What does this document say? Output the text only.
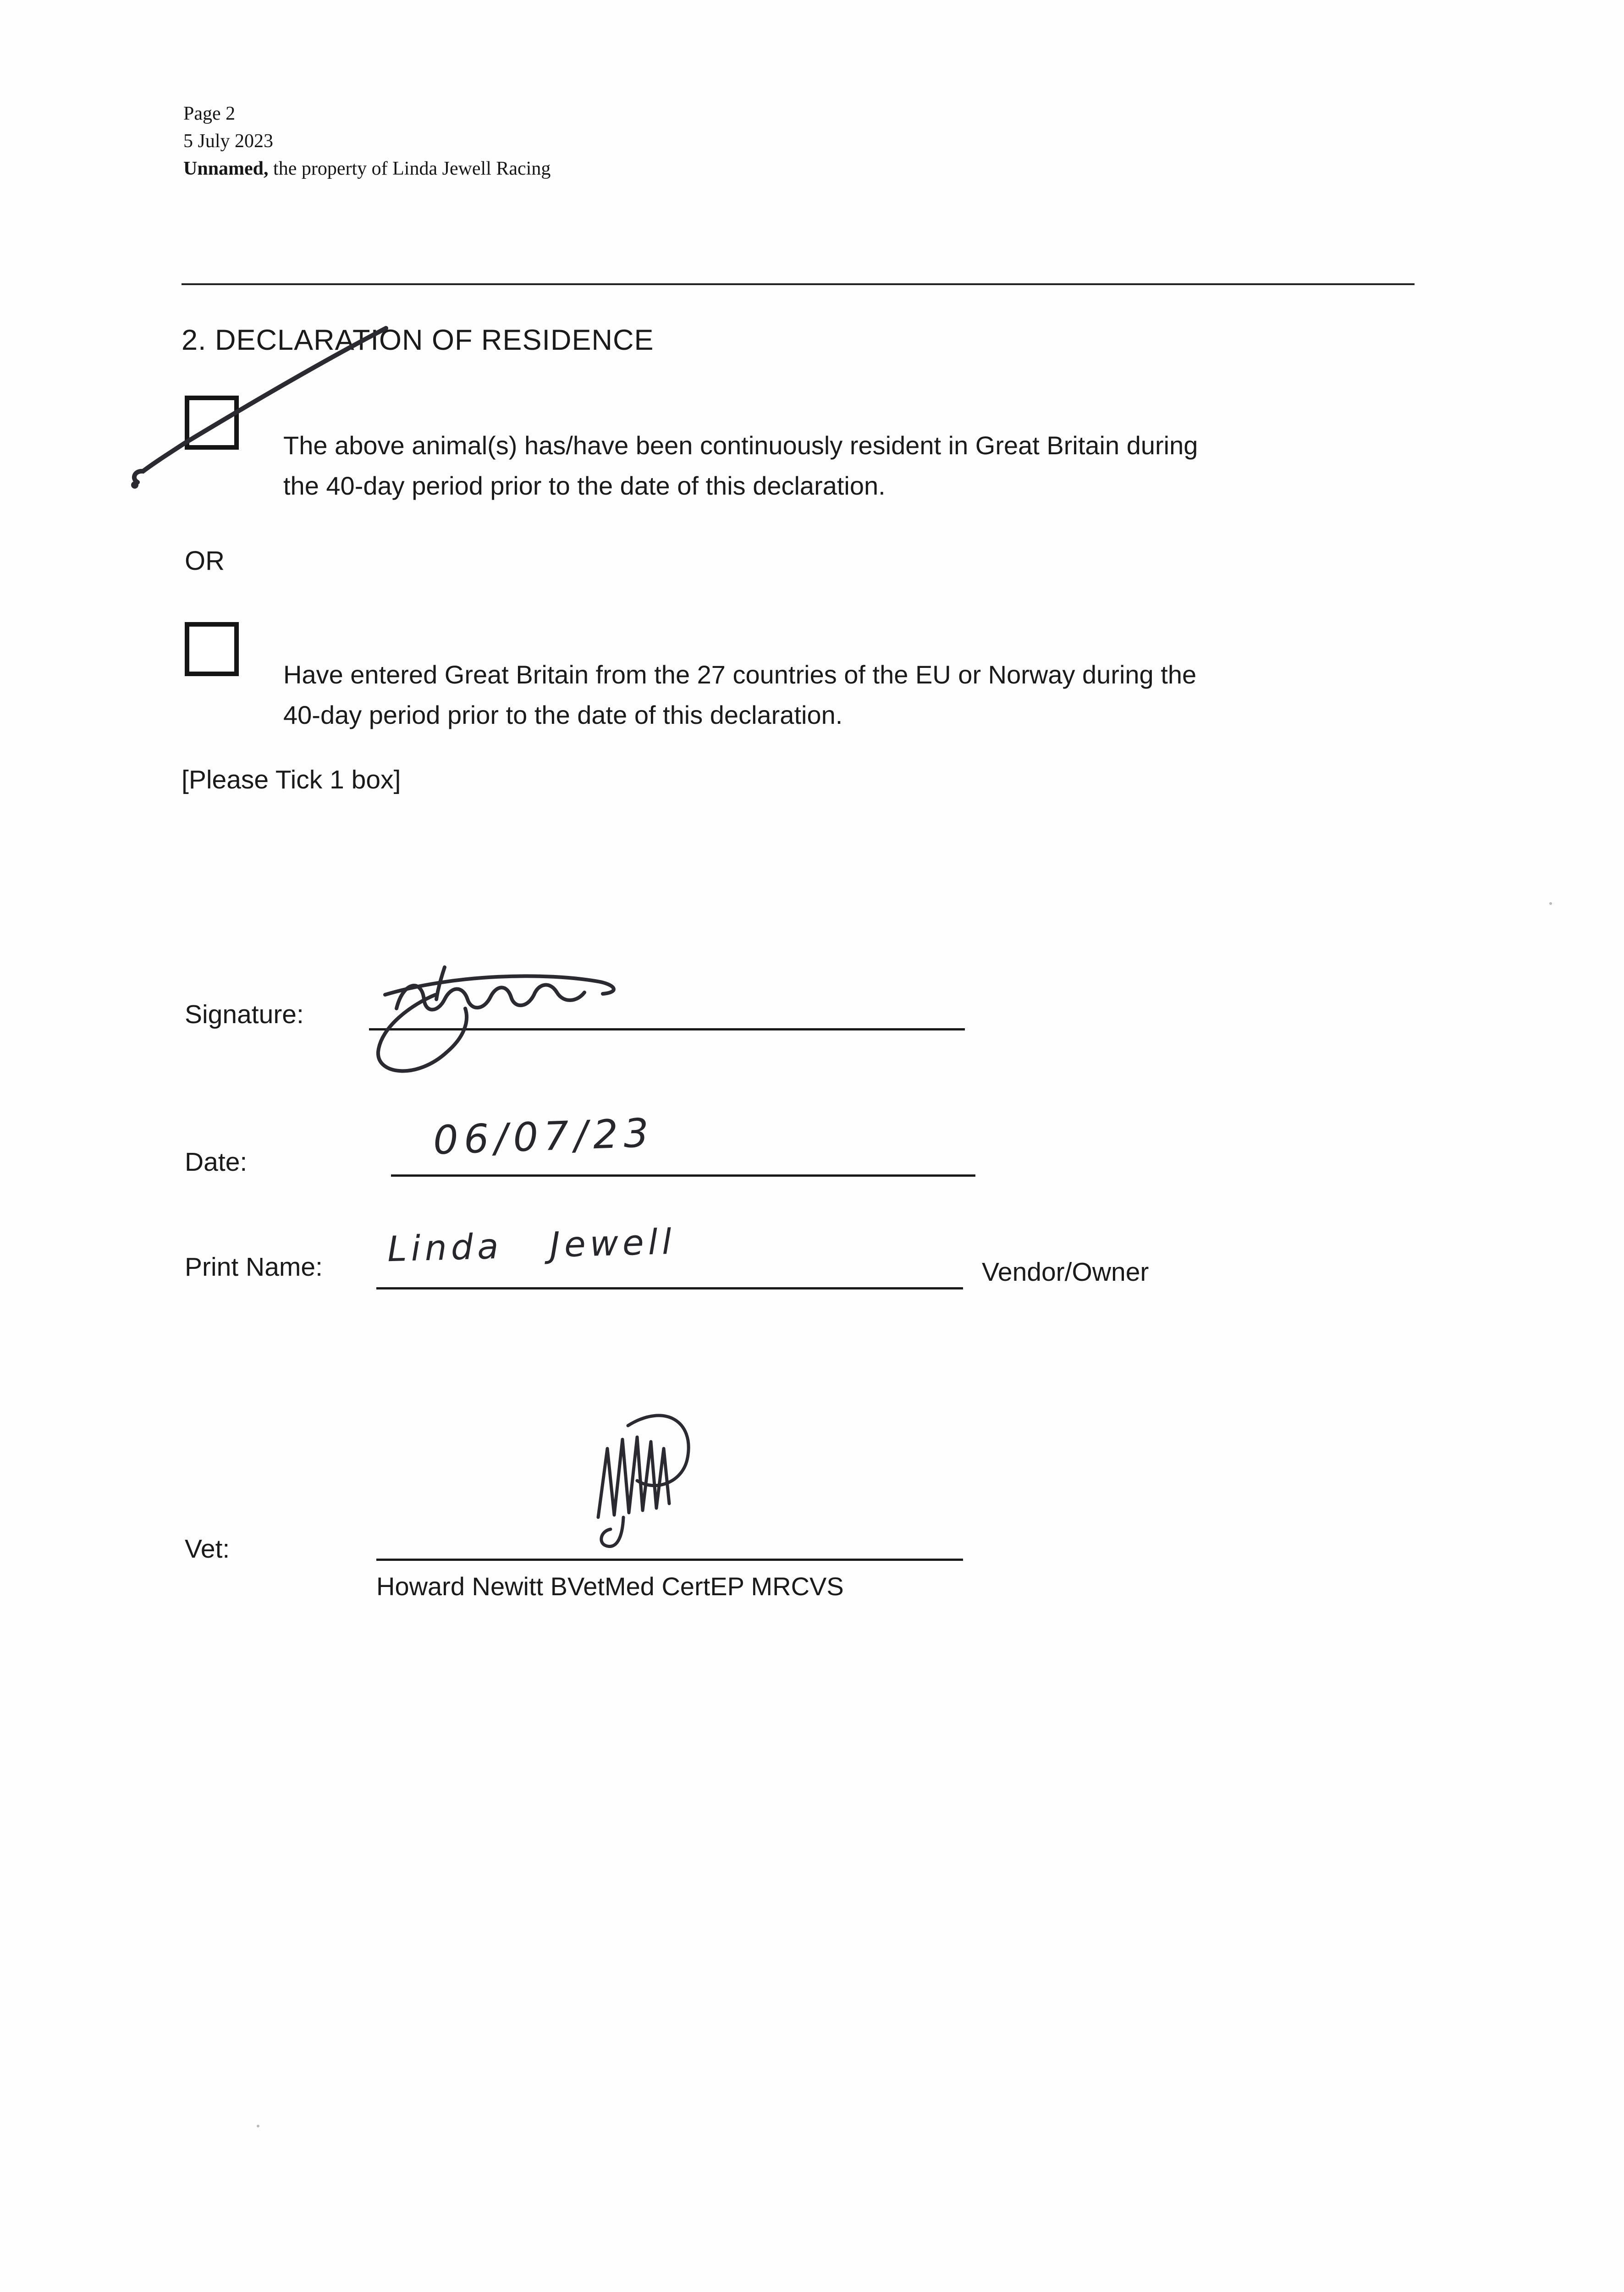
Page 2
5 July 2023
Unnamed, the property of Linda Jewell Racing
2. DECLARATION OF RESIDENCE
The above animal(s) has/have been continuously resident in Great Britain during
the 40-day period prior to the date of this declaration.
OR
Have entered Great Britain from the 27 countries of the EU or Norway during the
40-day period prior to the date of this declaration.
[Please Tick 1 box]
Signature:
Date:	06/07/23
Print Name: Linda Jewell
Vendor/Owner
Vet:
Howard Newitt BVetMed CertEP MRCVS
